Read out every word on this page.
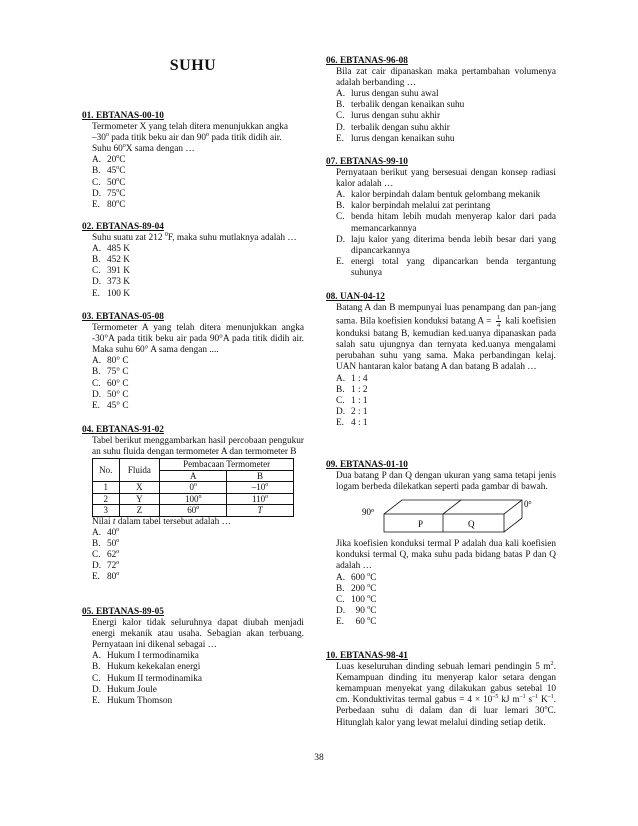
SUHU
01. EBTANAS-00-10
Termometer X yang telah ditera menunjukkan angka
–30$^o$ pada titik beku air dan 90$^o$ pada titik didih air.
Suhu 60$^o$X sama dengan …
A. 20$^o$C
B. 45$^o$C
C. 50$^o$C
D. 75$^o$C
E. 80$^o$C
02. EBTANAS-89-04
Suhu suatu zat 212 $^0$F, maka suhu mutlaknya adalah …
A. 485 K
B. 452 K
C. 391 K
D. 373 K
E. 100 K
03. EBTANAS-05-08
Termometer A yang telah ditera menunjukkan angka -30°A pada titik beku air pada 90°A pada titik didih air. Maka suhu 60° A sama dengan ....
A. 80° C
B. 75° C
C. 60° C
D. 50° C
E. 45° C
04. EBTANAS-91-02
Tabel berikut menggambarkan hasil percobaan pengukur an suhu fluida dengan termometer A dan termometer B
No.	Fluida	Pembacaan Termometer	
		A	B
1	X	0$^o$	–10$^o$
2	Y	100$^o$	110$^o$
3	Z	60$^o$	T
Nilai t dalam tabel tersebut adalah …
A. 40$^o$
B. 50$^o$
C. 62$^o$
D. 72$^o$
E. 80$^o$
05. EBTANAS-89-05
Energi kalor tidak seluruhnya dapat diubah menjadi energi mekanik atau usaha. Sebagian akan terbuang. Pernyataan ini dikenal sebagai …
A. Hukum I termodinamika
B. Hukum kekekalan energi
C. Hukum II termodinamika
D. Hukum Joule
E. Hukum Thomson
06. EBTANAS-96-08
Bila zat cair dipanaskan maka pertambahan volumenya adalah berbanding …
A. lurus dengan suhu awal
B. terbalik dengan kenaikan suhu
C. lurus dengan suhu akhir
D. terbalik dengan suhu akhir
E. lurus dengan kenaikan suhu
07. EBTANAS-99-10
Pernyataan berikut yang bersesuai dengan konsep radiasi kalor adalah …
A. kalor berpindah dalam bentuk gelombang mekanik
B. kalor berpindah melalui zat perintang
C. benda hitam lebih mudah menyerap kalor dari pada memancarkannya
D. laju kalor yang diterima benda lebih besar dari yang dipancarkannya
E. energi total yang dipancarkan benda tergantung suhunya
08. UAN-04-12
Batang A dan B mempunyai luas penampang dan pan-jang sama. Bila koefisien konduksi batang $A = \frac{1}{4}$ kali koefisien konduksi batang B, kemudian ked.uanya dipanaskan pada salah satu ujungnya dan ternyata ked.uanya mengalami perubahan suhu yang sama. Maka perbandingan kelaj. UAN hantaran kalor batang A dan batang B adalah …
A. 1 : 4
B. 1 : 2
C. 1 : 1
D. 2 : 1
E. 4 : 1
09. EBTANAS-01-10
Dua batang P dan Q dengan ukuran yang sama tetapi jenis logam berbeda dilekatkan seperti pada gambar di bawah.
90$^o$
0$^o$
P	Q
Jika koefisien konduksi termal P adalah dua kali koefisien konduksi termal Q, maka suhu pada bidang batas P dan Q adalah …
A. 600 $^o$C
B. 200 $^o$C
C. 100 $^o$C
D.	90 $^o$C
E.	60 $^o$C
10. EBTANAS-98-41
Luas keseluruhan dinding sebuah lemari pendingin 5 $m^2$. Kemampuan dinding itu menyerap kalor setara dengan kemampuan menyekat yang dilakukan gabus setebal 10 cm. Konduktivitas termal gabus = $4 \times 10^{-5}$ kJ $m^{-1}$ $s^{-1}$ $K^{-1}$. Perbedaan suhu di dalam dan di luar lemari 30$^o$C. Hitunglah kalor yang lewat melalui dinding setiap detik.
38
